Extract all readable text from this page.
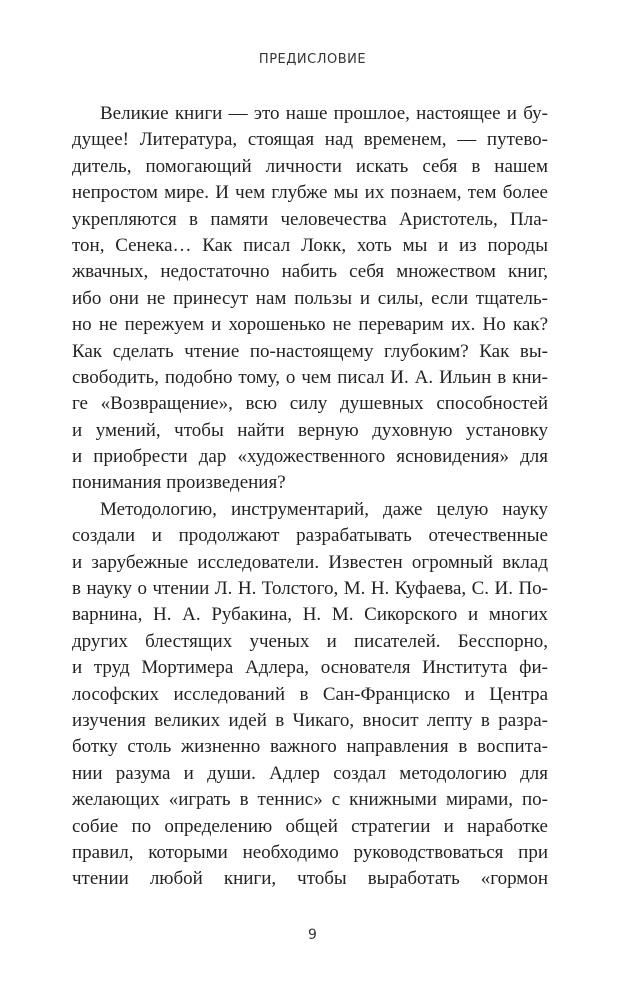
ПРЕДИСЛОВИЕ
Великие книги — это наше прошлое, настоящее и бу-
дущее! Литература, стоящая над временем, — путево-
дитель, помогающий личности искать себя в нашем
непростом мире. И чем глубже мы их познаем, тем более
укрепляются в памяти человечества Аристотель, Пла-
тон, Сенека… Как писал Локк, хоть мы и из породы
жвачных, недостаточно набить себя множеством книг,
ибо они не принесут нам пользы и силы, если тщатель-
но не пережуем и хорошенько не переварим их. Но как?
Как сделать чтение по-настоящему глубоким? Как вы-
свободить, подобно тому, о чем писал И. А. Ильин в кни-
ге «Возвращение», всю силу душевных способностей
и умений, чтобы найти верную духовную установку
и приобрести дар «художественного ясновидения» для
понимания произведения?
Методологию, инструментарий, даже целую науку
создали и продолжают разрабатывать отечественные
и зарубежные исследователи. Известен огромный вклад
в науку о чтении Л. Н. Толстого, М. Н. Куфаева, С. И. По-
варнина, Н. А. Рубакина, Н. М. Сикорского и многих
других блестящих ученых и писателей. Бесспорно,
и труд Мортимера Адлера, основателя Института фи-
лософских исследований в Сан-Франциско и Центра
изучения великих идей в Чикаго, вносит лепту в разра-
ботку столь жизненно важного направления в воспита-
нии разума и души. Адлер создал методологию для
желающих «играть в теннис» с книжными мирами, по-
собие по определению общей стратегии и наработке
правил, которыми необходимо руководствоваться при
чтении любой книги, чтобы выработать «гормон
9
